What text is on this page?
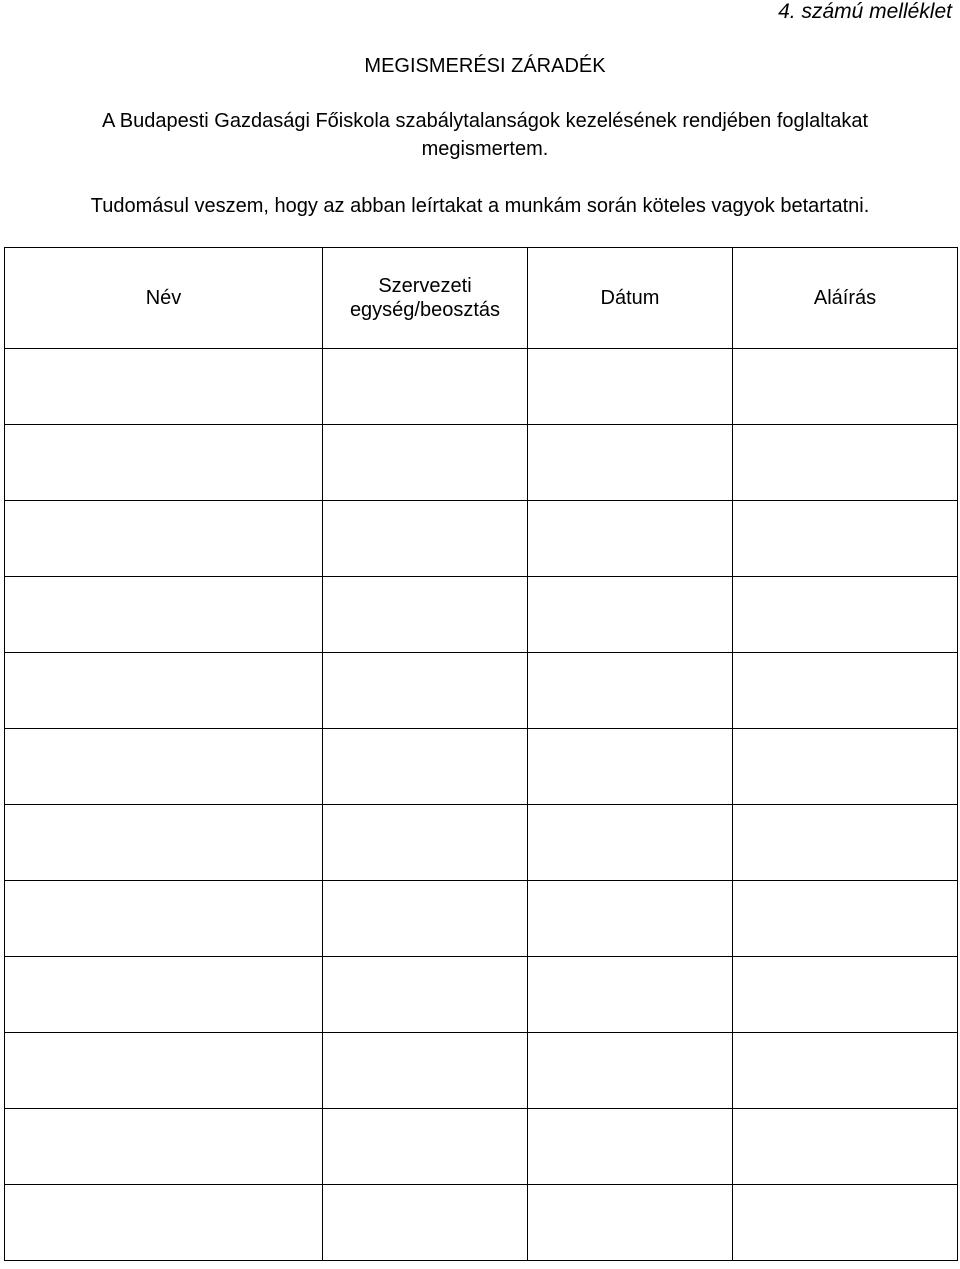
4. számú melléklet
MEGISMERÉSI ZÁRADÉK
A Budapesti Gazdasági Főiskola szabálytalanságok kezelésének rendjében foglaltakat megismertem.
Tudomásul veszem, hogy az abban leírtakat a munkám során köteles vagyok betartatni.
Név	Szervezeti egység/beosztás	Dátum	Aláírás
